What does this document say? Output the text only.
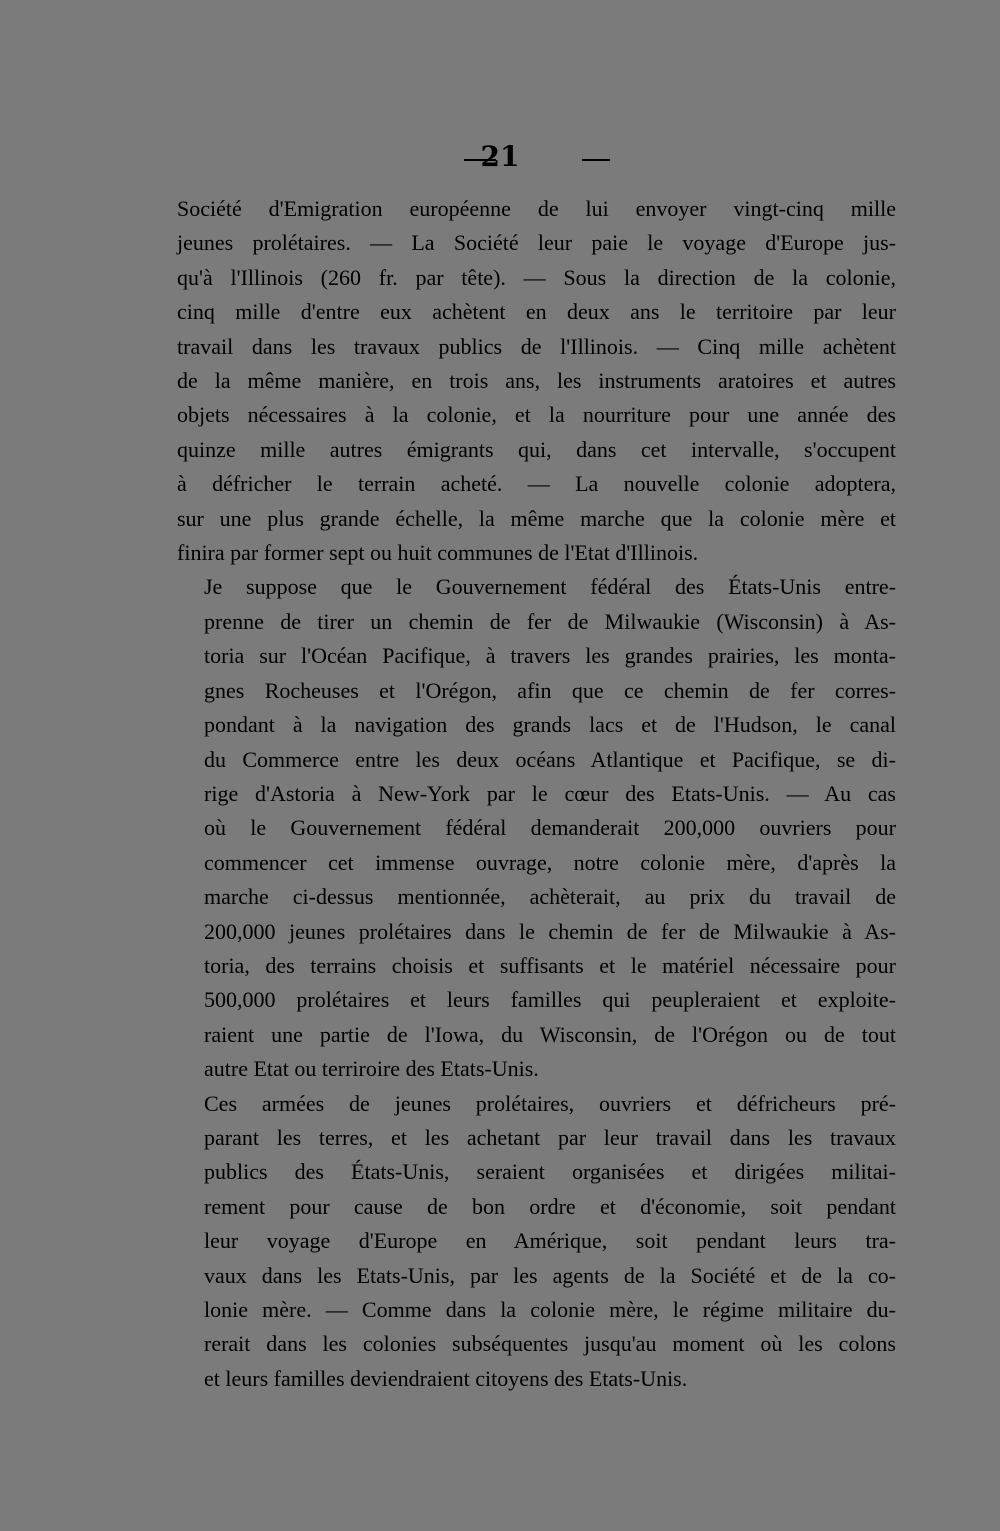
21

Société d'Emigration européenne de lui envoyer vingt-cinq mille
jeunes prolétaires. — La Société leur paie le voyage d'Europe jus-
qu'à l'Illinois (260 fr. par tête). — Sous la direction de la colonie,
cinq mille d'entre eux achètent en deux ans le territoire par leur
travail dans les travaux publics de l'Illinois. — Cinq mille achètent
de la même manière, en trois ans, les instruments aratoires et autres
objets nécessaires à la colonie, et la nourriture pour une année des
quinze mille autres émigrants qui, dans cet intervalle, s'occupent
à défricher le terrain acheté. — La nouvelle colonie adoptera,
sur une plus grande échelle, la même marche que la colonie mère et
finira par former sept ou huit communes de l'Etat d'Illinois.

Je suppose que le Gouvernement fédéral des États-Unis entre-
prenne de tirer un chemin de fer de Milwaukie (Wisconsin) à As-
toria sur l'Océan Pacifique, à travers les grandes prairies, les monta-
gnes Rocheuses et l'Orégon, afin que ce chemin de fer corres-
pondant à la navigation des grands lacs et de l'Hudson, le canal
du Commerce entre les deux océans Atlantique et Pacifique, se di-
rige d'Astoria à New-York par le cœur des Etats-Unis. — Au cas
où le Gouvernement fédéral demanderait 200,000 ouvriers pour
commencer cet immense ouvrage, notre colonie mère, d'après la
marche ci-dessus mentionnée, achèterait, au prix du travail de
200,000 jeunes prolétaires dans le chemin de fer de Milwaukie à As-
toria, des terrains choisis et suffisants et le matériel nécessaire pour
500,000 prolétaires et leurs familles qui peupleraient et exploite-
raient une partie de l'Iowa, du Wisconsin, de l'Orégon ou de tout
autre Etat ou terriroire des Etats-Unis.

Ces armées de jeunes prolétaires, ouvriers et défricheurs pré-
parant les terres, et les achetant par leur travail dans les travaux
publics des États-Unis, seraient organisées et dirigées militai-
rement pour cause de bon ordre et d'économie, soit pendant
leur voyage d'Europe en Amérique, soit pendant leurs tra-
vaux dans les Etats-Unis, par les agents de la Société et de la co-
lonie mère. — Comme dans la colonie mère, le régime militaire du-
rerait dans les colonies subséquentes jusqu'au moment où les colons
et leurs familles deviendraient citoyens des Etats-Unis.
